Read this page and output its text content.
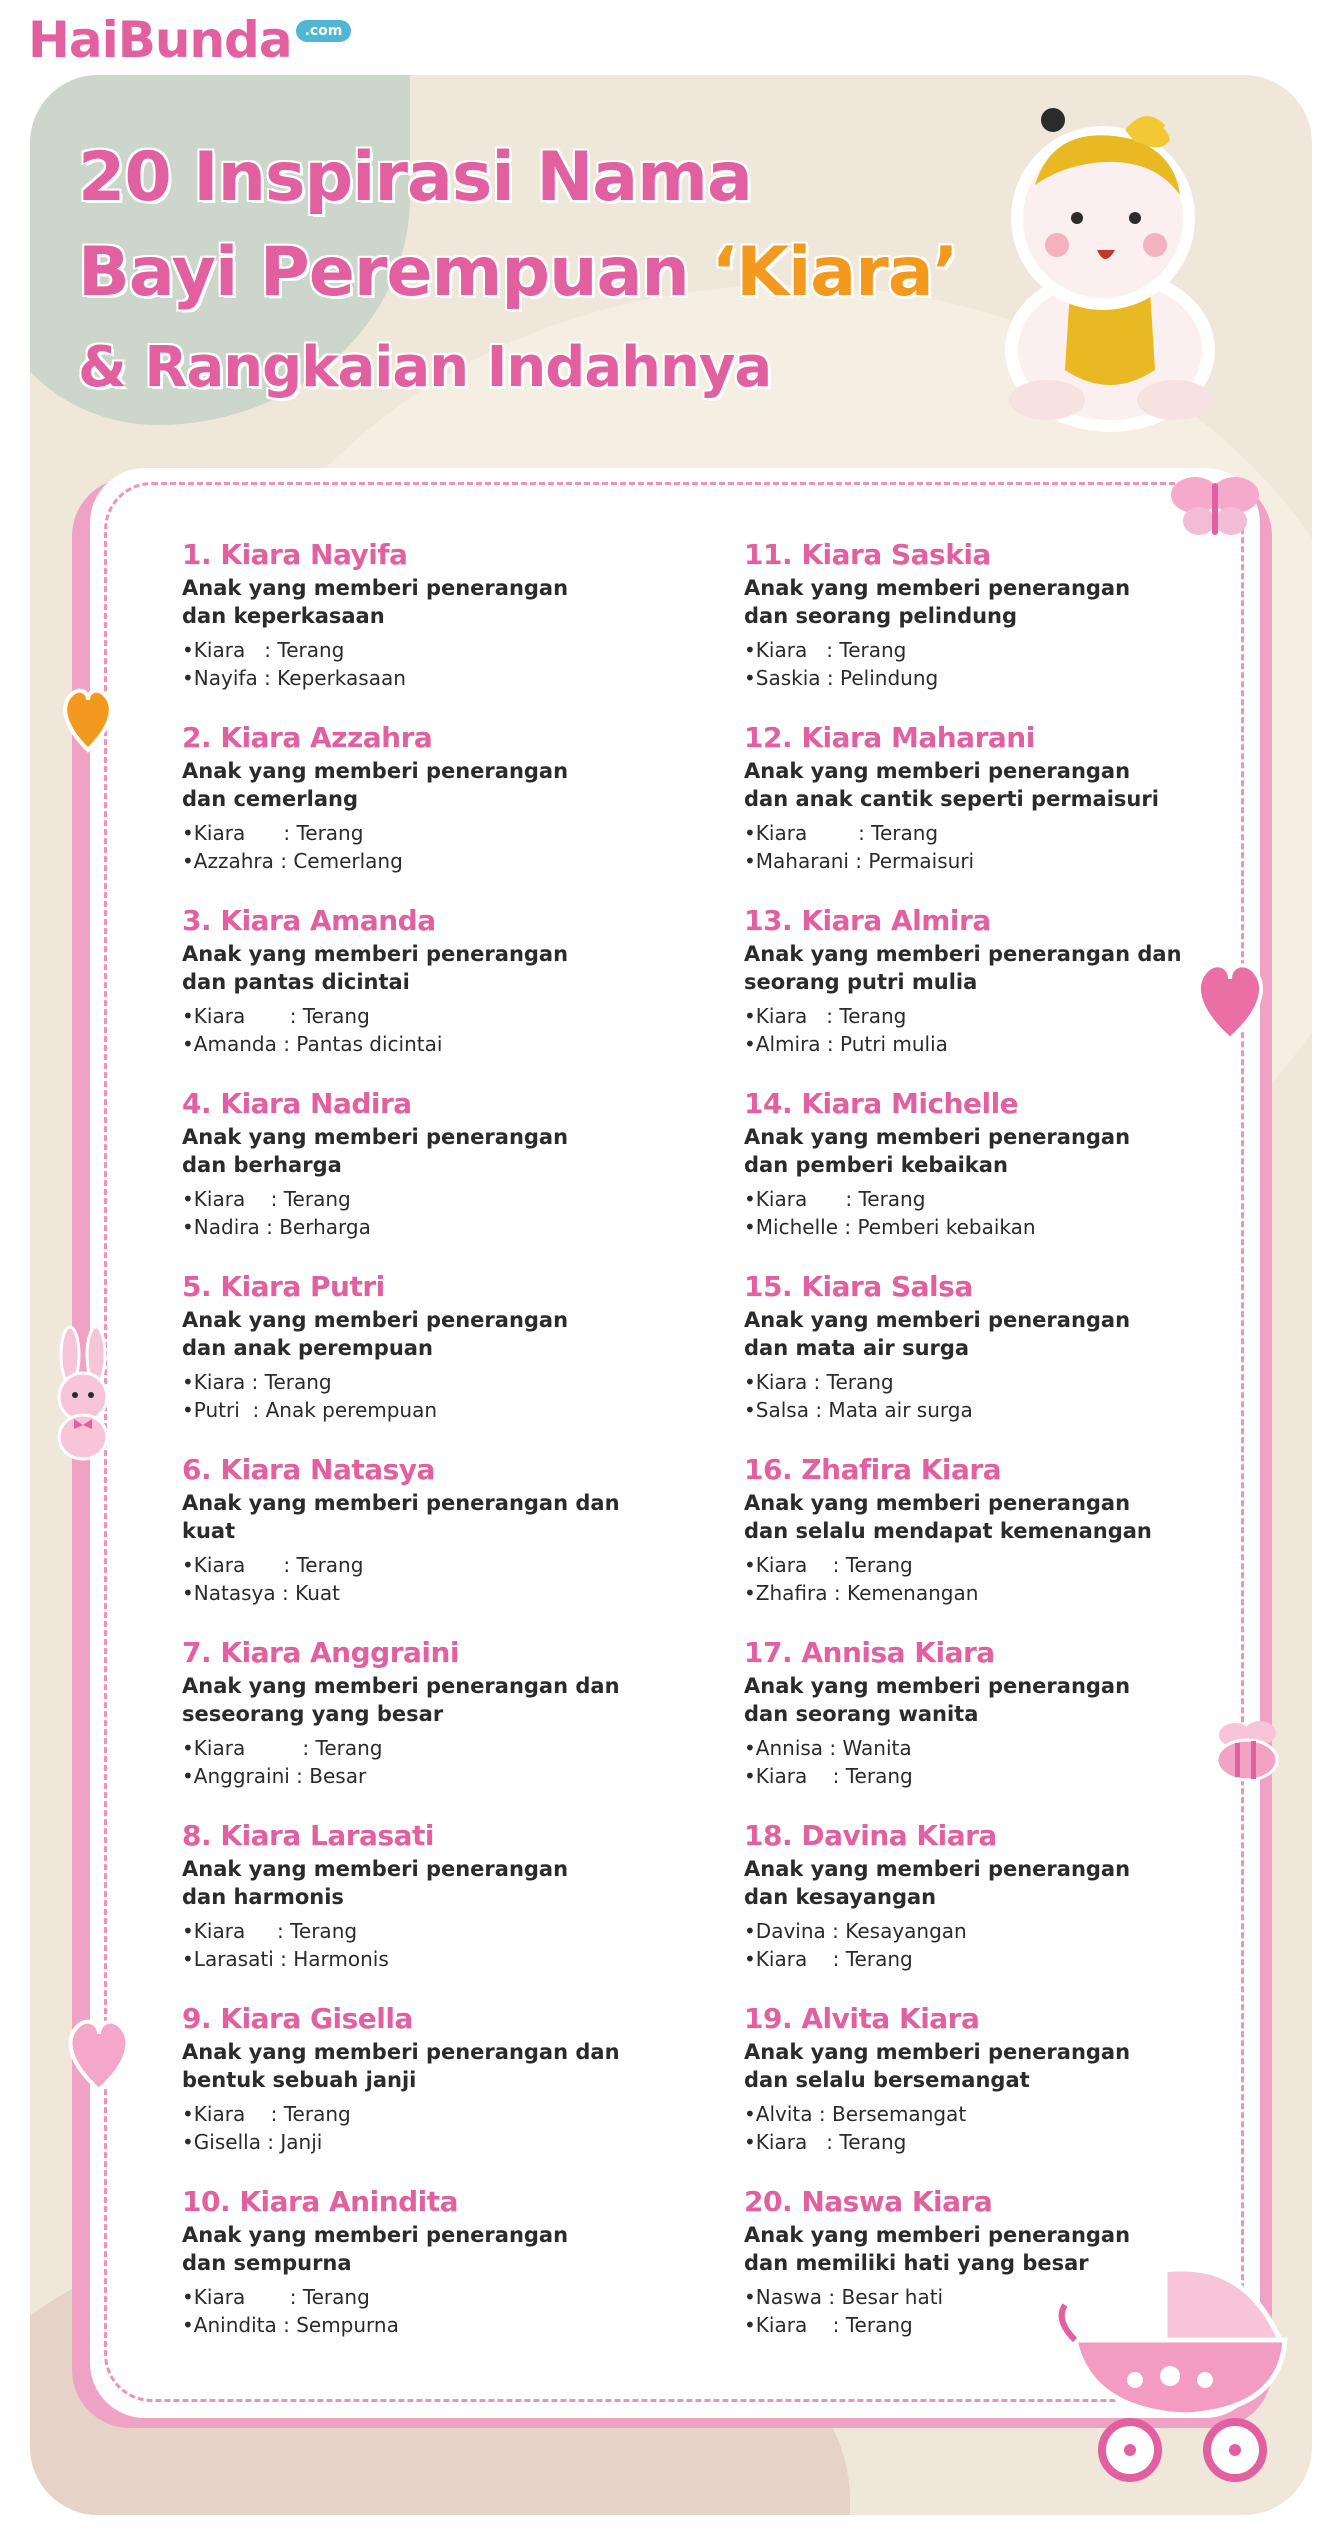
HaiBunda .com
20 Inspirasi Nama
Bayi Perempuan ‘Kiara’
& Rangkaian Indahnya
1. Kiara Nayifa

Anak yang memberi penerangan
dan keperkasaan

• Kiara   : Terang
• Nayifa : Keperkasaan
2. Kiara Azzahra

Anak yang memberi penerangan
dan cemerlang

• Kiara      : Terang
• Azzahra : Cemerlang
3. Kiara Amanda

Anak yang memberi penerangan
dan pantas dicintai

• Kiara       : Terang
• Amanda : Pantas dicintai
4. Kiara Nadira

Anak yang memberi penerangan
dan berharga

• Kiara    : Terang
• Nadira : Berharga
5. Kiara Putri

Anak yang memberi penerangan
dan anak perempuan

• Kiara : Terang
• Putri  : Anak perempuan
6. Kiara Natasya

Anak yang memberi penerangan dan kuat

• Kiara      : Terang
• Natasya : Kuat
7. Kiara Anggraini

Anak yang memberi penerangan dan
seseorang yang besar

• Kiara         : Terang
• Anggraini : Besar
8. Kiara Larasati

Anak yang memberi penerangan
dan harmonis

• Kiara     : Terang
• Larasati : Harmonis
9. Kiara Gisella

Anak yang memberi penerangan dan
bentuk sebuah janji

• Kiara    : Terang
• Gisella : Janji
10. Kiara Anindita

Anak yang memberi penerangan
dan sempurna

• Kiara       : Terang
• Anindita : Sempurna
11. Kiara Saskia

Anak yang memberi penerangan
dan seorang pelindung

• Kiara   : Terang
• Saskia : Pelindung
12. Kiara Maharani

Anak yang memberi penerangan
dan anak cantik seperti permaisuri

• Kiara        : Terang
• Maharani : Permaisuri
13. Kiara Almira

Anak yang memberi penerangan dan
seorang putri mulia

• Kiara   : Terang
• Almira : Putri mulia
14. Kiara Michelle

Anak yang memberi penerangan
dan pemberi kebaikan

• Kiara      : Terang
• Michelle : Pemberi kebaikan
15. Kiara Salsa

Anak yang memberi penerangan
dan mata air surga

• Kiara : Terang
• Salsa : Mata air surga
16. Zhafira Kiara

Anak yang memberi penerangan
dan selalu mendapat kemenangan

• Kiara    : Terang
• Zhafira : Kemenangan
17. Annisa Kiara

Anak yang memberi penerangan
dan seorang wanita

• Annisa : Wanita
• Kiara    : Terang
18. Davina Kiara

Anak yang memberi penerangan
dan kesayangan

• Davina : Kesayangan
• Kiara    : Terang
19. Alvita Kiara

Anak yang memberi penerangan
dan selalu bersemangat

• Alvita : Bersemangat
• Kiara   : Terang
20. Naswa Kiara

Anak yang memberi penerangan
dan memiliki hati yang besar

• Naswa : Besar hati
• Kiara    : Terang
